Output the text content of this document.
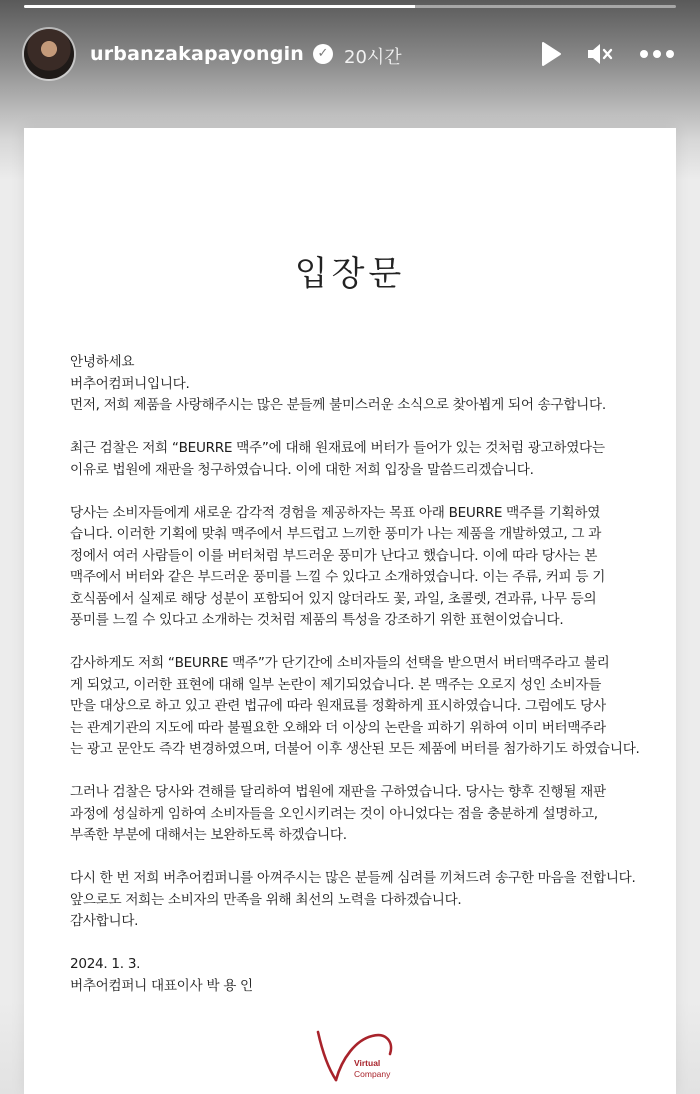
urbanzakapayongin	✓ 20시간
입장문

안녕하세요
버추어컴퍼니입니다.
먼저, 저희 제품을 사랑해주시는 많은 분들께 불미스러운 소식으로 찾아뵙게 되어 송구합니다.

최근 검찰은 저희 “BEURRE 맥주”에 대해 원재료에 버터가 들어가 있는 것처럼 광고하였다는
이유로 법원에 재판을 청구하였습니다. 이에 대한 저희 입장을 말씀드리겠습니다.

당사는 소비자들에게 새로운 감각적 경험을 제공하자는 목표 아래 BEURRE 맥주를 기획하였
습니다. 이러한 기획에 맞춰 맥주에서 부드럽고 느끼한 풍미가 나는 제품을 개발하였고, 그 과
정에서 여러 사람들이 이를 버터처럼 부드러운 풍미가 난다고 했습니다. 이에 따라 당사는 본
맥주에서 버터와 같은 부드러운 풍미를 느낄 수 있다고 소개하였습니다. 이는 주류, 커피 등 기
호식품에서 실제로 해당 성분이 포함되어 있지 않더라도 꽃, 과일, 초콜렛, 견과류, 나무 등의
풍미를 느낄 수 있다고 소개하는 것처럼 제품의 특성을 강조하기 위한 표현이었습니다.

감사하게도 저희 “BEURRE 맥주”가 단기간에 소비자들의 선택을 받으면서 버터맥주라고 불리
게 되었고, 이러한 표현에 대해 일부 논란이 제기되었습니다. 본 맥주는 오로지 성인 소비자들
만을 대상으로 하고 있고 관련 법규에 따라 원재료를 정확하게 표시하였습니다. 그럼에도 당사
는 관계기관의 지도에 따라 불필요한 오해와 더 이상의 논란을 피하기 위하여 이미 버터맥주라
는 광고 문안도 즉각 변경하였으며, 더불어 이후 생산된 모든 제품에 버터를 첨가하기도 하였습니다.

그러나 검찰은 당사와 견해를 달리하여 법원에 재판을 구하였습니다. 당사는 향후 진행될 재판
과정에 성실하게 임하여 소비자들을 오인시키려는 것이 아니었다는 점을 충분하게 설명하고,
부족한 부분에 대해서는 보완하도록 하겠습니다.

다시 한 번 저희 버추어컴퍼니를 아껴주시는 많은 분들께 심려를 끼쳐드려 송구한 마음을 전합니다.
앞으로도 저희는 소비자의 만족을 위해 최선의 노력을 다하겠습니다.
감사합니다.

2024. 1. 3.
버추어컴퍼니 대표이사 박 용 인

Virtual
Company
